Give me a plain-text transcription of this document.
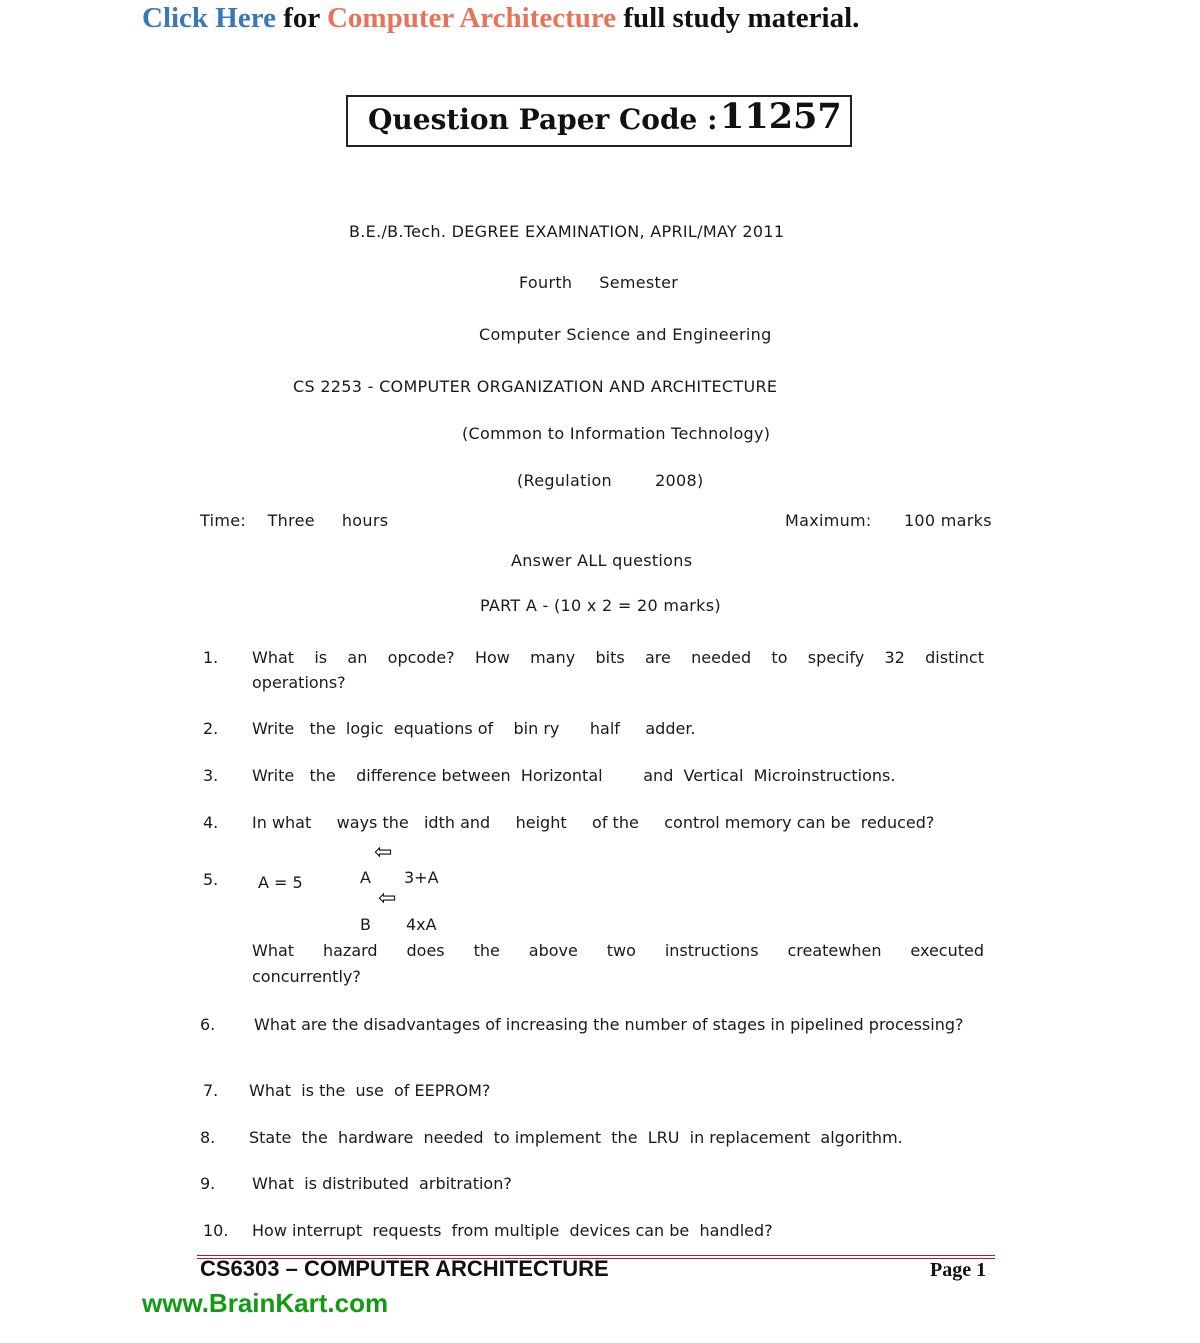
Click Here for Computer Architecture full study material.
Question Paper Code : 11257
B.E./B.Tech. DEGREE EXAMINATION, APRIL/MAY 2011
Fourth     Semester
Computer Science and Engineering
CS 2253 - COMPUTER ORGANIZATION AND ARCHITECTURE
(Common to Information Technology)
(Regulation        2008)
Time:    Three     hours	Maximum:      100 marks
Answer ALL questions
PART A - (10 x 2 = 20 marks)
1. What is an opcode? How many bits are needed to specify 32 distinct
operations?
2. Write   the  logic  equations of    bin ry      half     adder.
3. Write   the    difference between  Horizontal        and  Vertical  Microinstructions.
4. In what     ways the   idth and     height     of the     control memory can be  reduced?
5. A = 5	A
⇦
3+A
B
⇦
4xA
What hazard does the above two instructions createwhen executed
concurrently?
6. What are the disadvantages of increasing the number of stages in pipelined processing?
7. What  is the  use  of EEPROM?
8. State  the  hardware  needed  to implement  the  LRU  in replacement  algorithm.
9. What  is distributed  arbitration?
10. How interrupt  requests  from multiple  devices can be  handled?
CS6303 – COMPUTER ARCHITECTURE	Page 1
www.BrainKart.com
